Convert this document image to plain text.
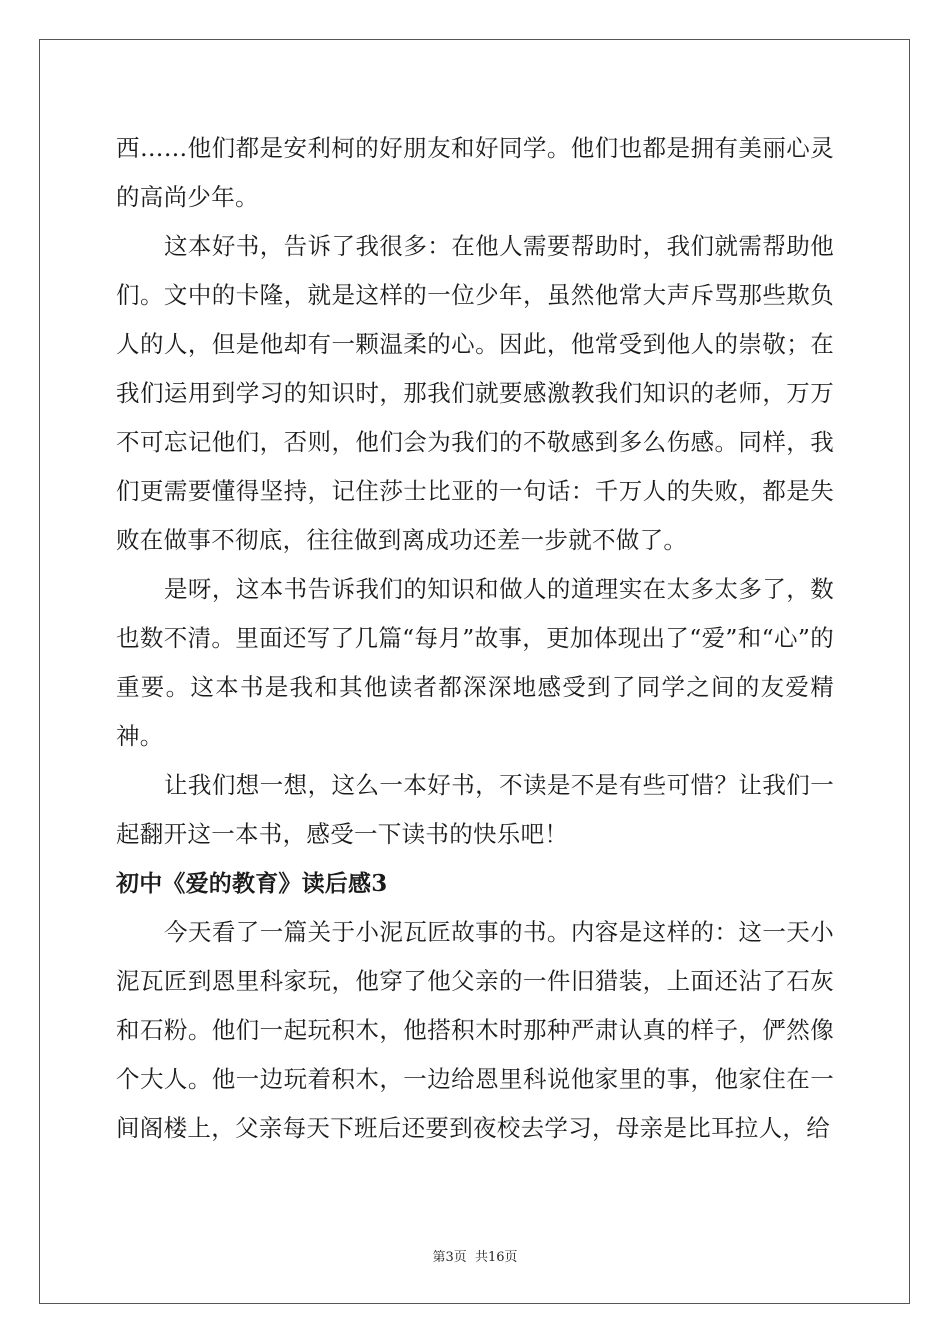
西……他们都是安利柯的好朋友和好同学。他们也都是拥有美丽心灵的高尚少年。

这本好书，告诉了我很多：在他人需要帮助时，我们就需帮助他们。文中的卡隆，就是这样的一位少年，虽然他常大声斥骂那些欺负人的人，但是他却有一颗温柔的心。因此，他常受到他人的崇敬；在我们运用到学习的知识时，那我们就要感激教我们知识的老师，万万不可忘记他们，否则，他们会为我们的不敬感到多么伤感。同样，我们更需要懂得坚持，记住莎士比亚的一句话：千万人的失败，都是失败在做事不彻底，往往做到离成功还差一步就不做了。

是呀，这本书告诉我们的知识和做人的道理实在太多太多了，数也数不清。里面还写了几篇“每月”故事，更加体现出了“爱”和“心”的重要。这本书是我和其他读者都深深地感受到了同学之间的友爱精神。

让我们想一想，这么一本好书，不读是不是有些可惜？让我们一起翻开这一本书，感受一下读书的快乐吧！

初中《爱的教育》读后感3

今天看了一篇关于小泥瓦匠故事的书。内容是这样的：这一天小泥瓦匠到恩里科家玩，他穿了他父亲的一件旧猎装，上面还沾了石灰和石粉。他们一起玩积木，他搭积木时那种严肃认真的样子，俨然像个大人。他一边玩着积木，一边给恩里科说他家里的事，他家住在一间阁楼上，父亲每天下班后还要到夜校去学习，母亲是比耳拉人，给

第3页 共16页
